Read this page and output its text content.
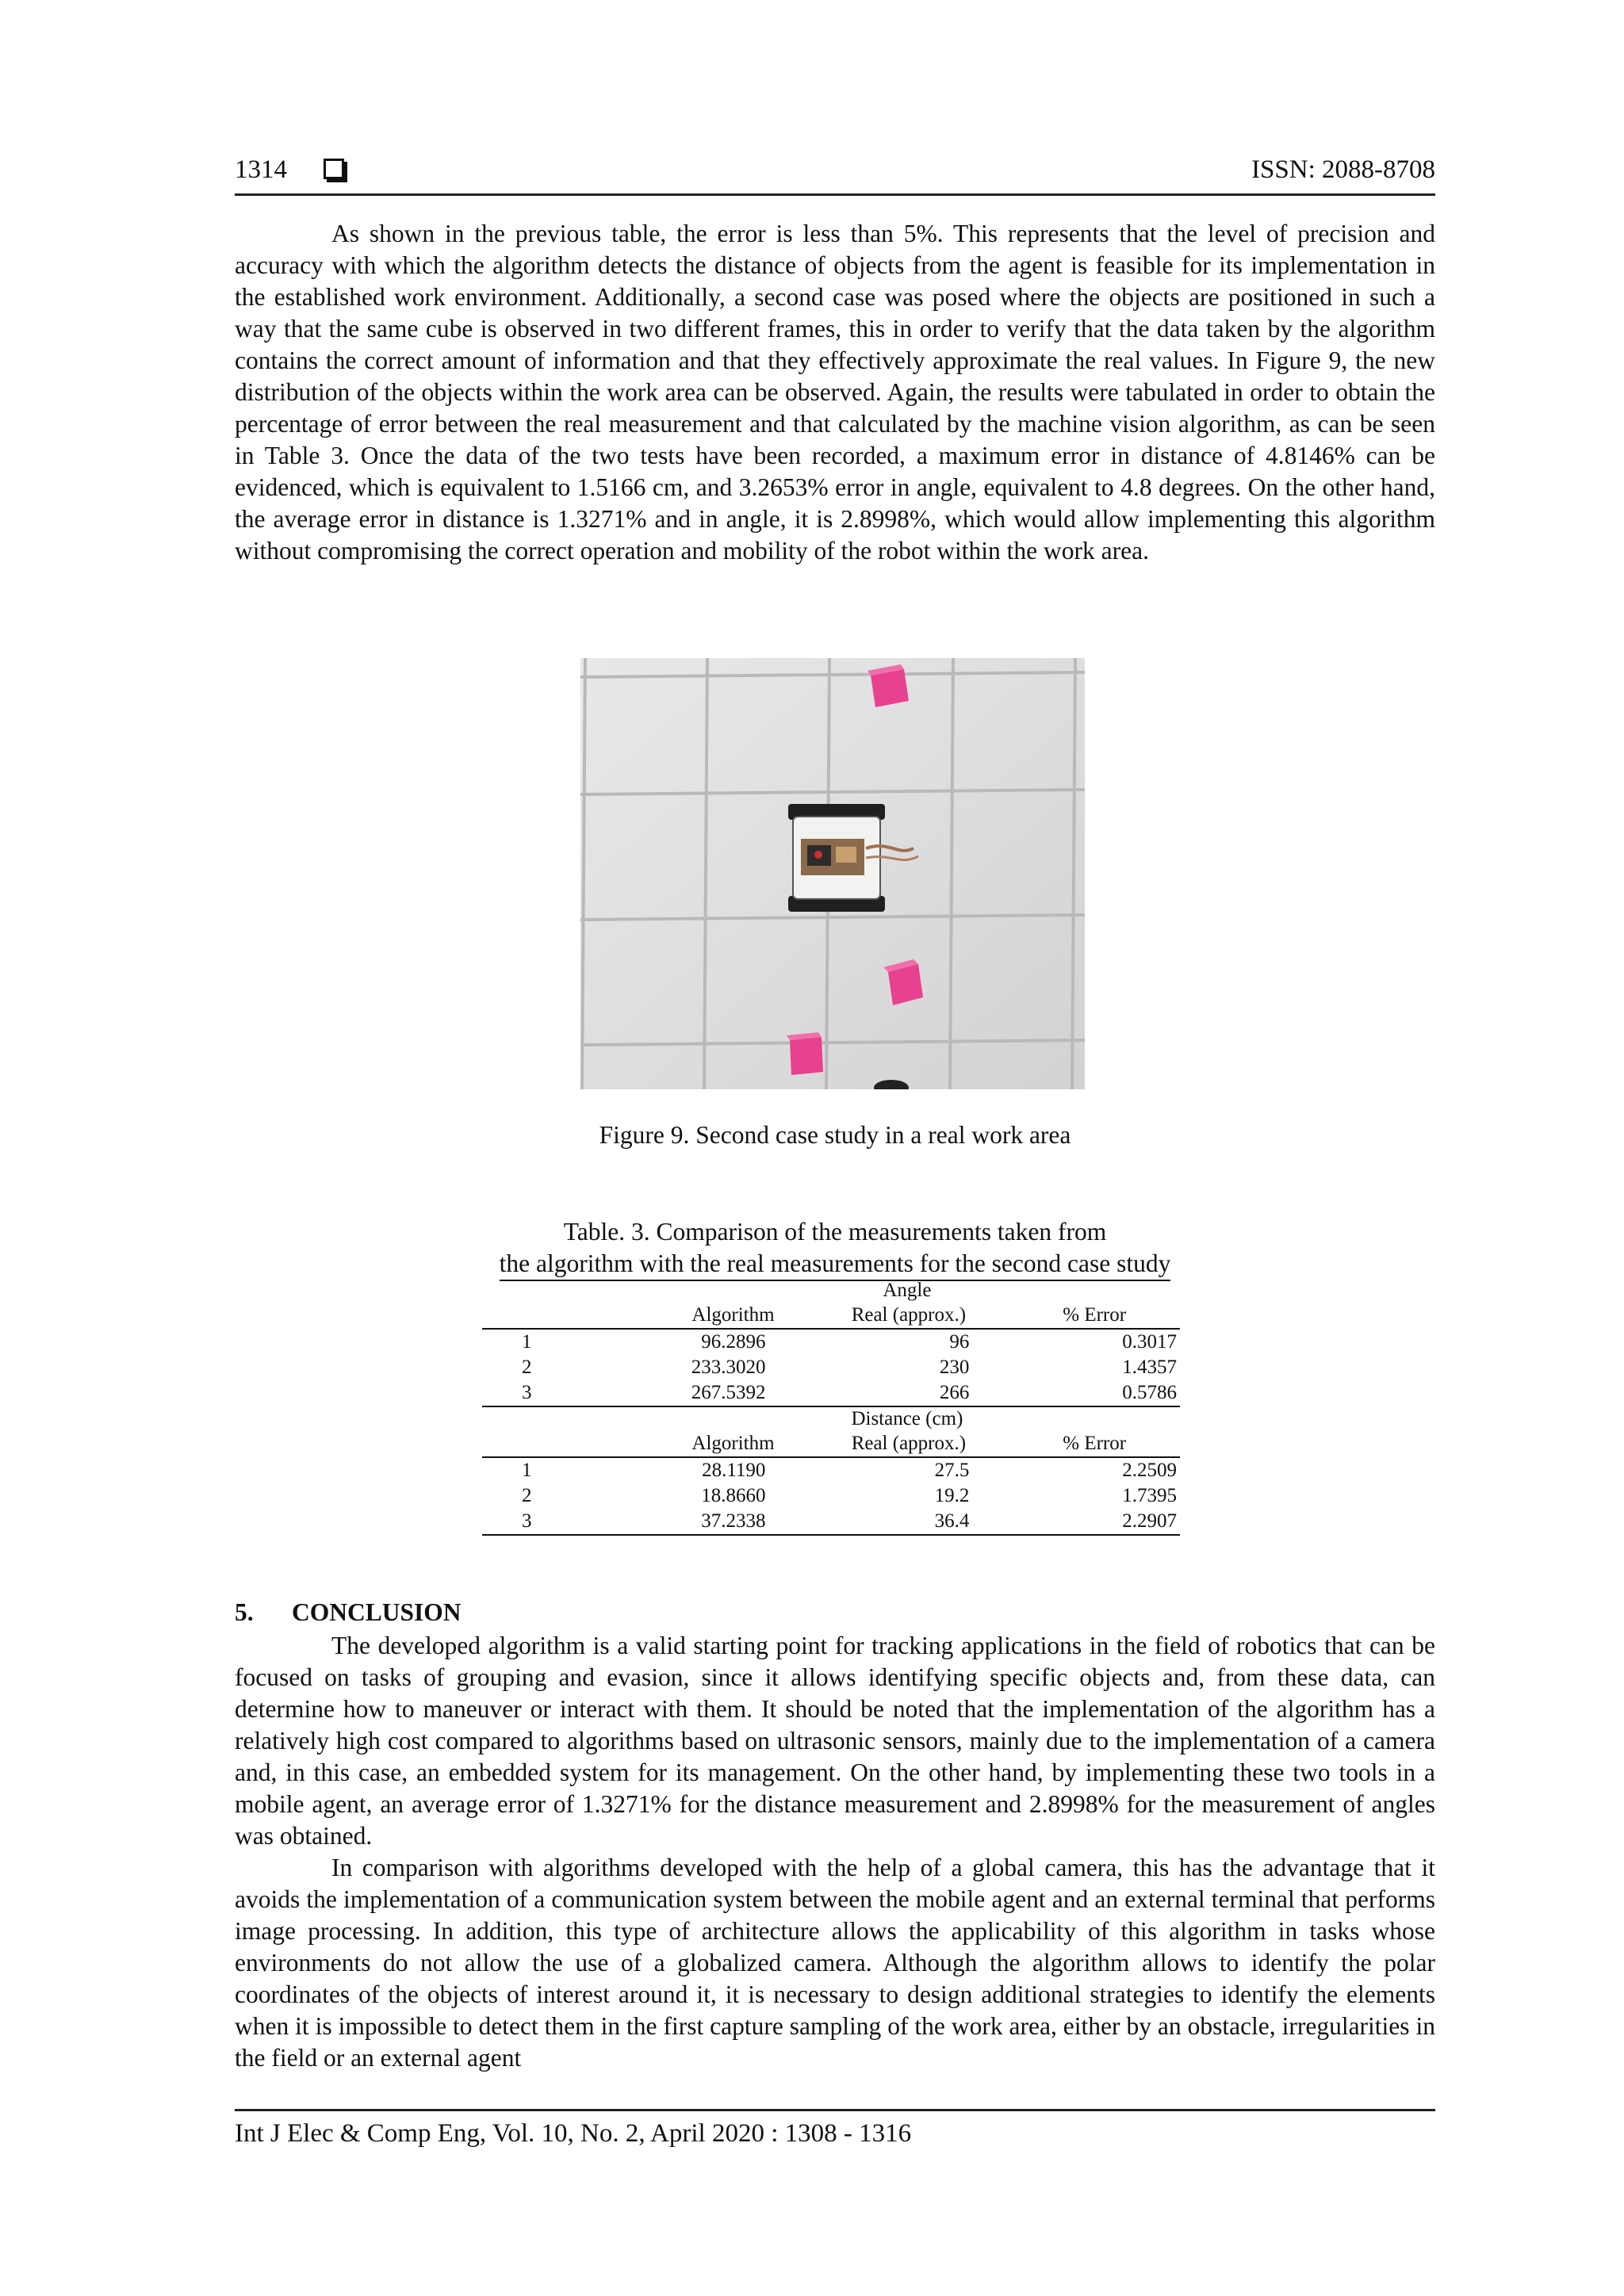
1314	ISSN: 2088-8708

As shown in the previous table, the error is less than 5%. This represents that the level of precision and accuracy with which the algorithm detects the distance of objects from the agent is feasible for its implementation in the established work environment. Additionally, a second case was posed where the objects are positioned in such a way that the same cube is observed in two different frames, this in order to verify that the data taken by the algorithm contains the correct amount of information and that they effectively approximate the real values. In Figure 9, the new distribution of the objects within the work area can be observed. Again, the results were tabulated in order to obtain the percentage of error between the real measurement and that calculated by the machine vision algorithm, as can be seen in Table 3. Once the data of the two tests have been recorded, a maximum error in distance of 4.8146% can be evidenced, which is equivalent to 1.5166 cm, and 3.2653% error in angle, equivalent to 4.8 degrees. On the other hand, the average error in distance is 1.3271% and in angle, it is 2.8998%, which would allow implementing this algorithm without compromising the correct operation and mobility of the robot within the work area.

Figure 9. Second case study in a real work area
Table. 3. Comparison of the measurements taken from
the algorithm with the real measurements for the second case study
		Angle	
	Algorithm	Real (approx.)	% Error
1	96.2896	96	0.3017
2	233.3020	230	1.4357
3	267.5392	266	0.5786
		Distance (cm)	
	Algorithm	Real (approx.)	% Error
1	28.1190	27.5	2.2509
2	18.8660	19.2	1.7395
3	37.2338	36.4	2.2907
5. CONCLUSION

The developed algorithm is a valid starting point for tracking applications in the field of robotics that can be focused on tasks of grouping and evasion, since it allows identifying specific objects and, from these data, can determine how to maneuver or interact with them. It should be noted that the implementation of the algorithm has a relatively high cost compared to algorithms based on ultrasonic sensors, mainly due to the implementation of a camera and, in this case, an embedded system for its management. On the other hand, by implementing these two tools in a mobile agent, an average error of 1.3271% for the distance measurement and 2.8998% for the measurement of angles was obtained.

In comparison with algorithms developed with the help of a global camera, this has the advantage that it avoids the implementation of a communication system between the mobile agent and an external terminal that performs image processing. In addition, this type of architecture allows the applicability of this algorithm in tasks whose environments do not allow the use of a globalized camera. Although the algorithm allows to identify the polar coordinates of the objects of interest around it, it is necessary to design additional strategies to identify the elements when it is impossible to detect them in the first capture sampling of the work area, either by an obstacle, irregularities in the field or an external agent

Int J Elec & Comp Eng, Vol. 10, No. 2, April 2020 : 1308 - 1316
